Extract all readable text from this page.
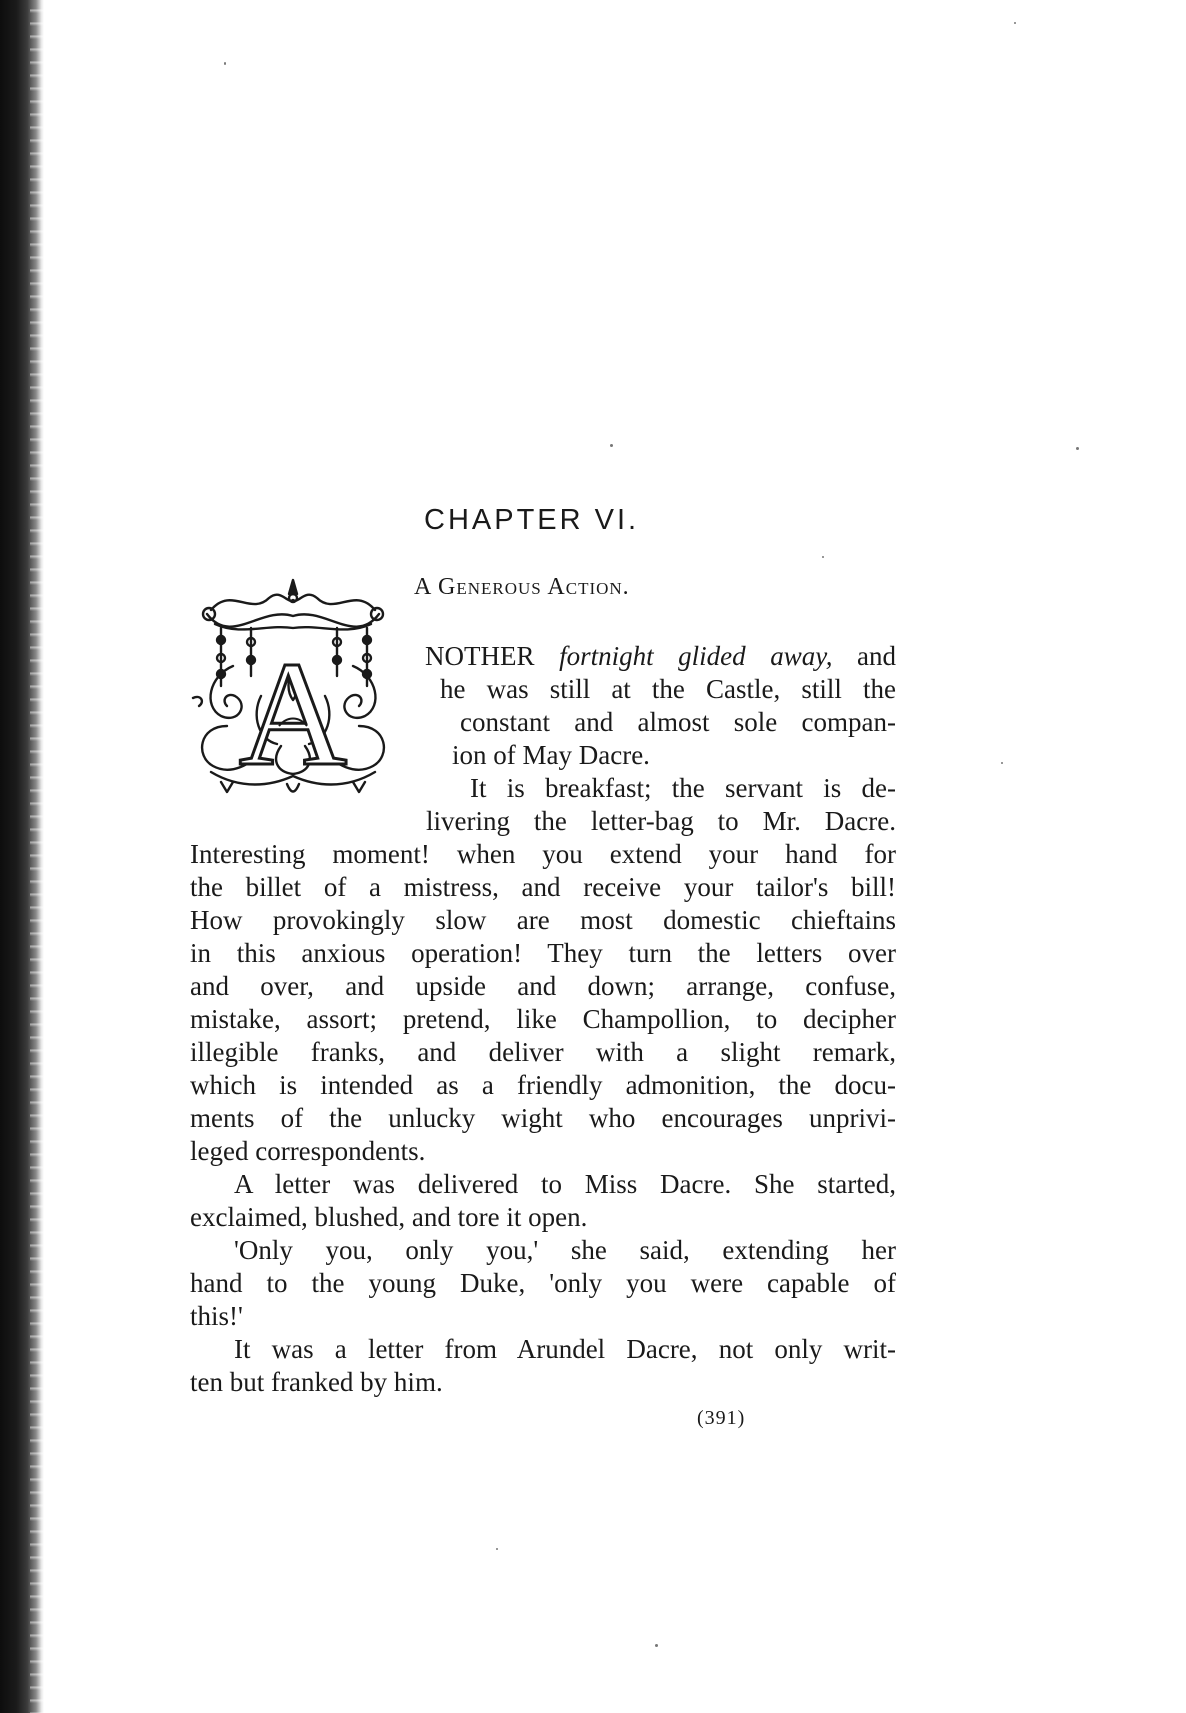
CHAPTER VI.
A Generous Action.
A	NOTHER fortnight glided away, and
he was still at the Castle, still the
constant and almost sole compan-
ion of May Dacre.
It is breakfast; the servant is de-
livering the letter-bag to Mr. Dacre.
Interesting moment! when you extend your hand for
the billet of a mistress, and receive your tailor's bill!
How provokingly slow are most domestic chieftains
in this anxious operation! They turn the letters over
and over, and upside and down; arrange, confuse,
mistake, assort; pretend, like Champollion, to decipher
illegible franks, and deliver with a slight remark,
which is intended as a friendly admonition, the docu-
ments of the unlucky wight who encourages unprivi-
leged correspondents.
A letter was delivered to Miss Dacre. She started,
exclaimed, blushed, and tore it open.
'Only you, only you,' she said, extending her
hand to the young Duke, 'only you were capable of
this!'
It was a letter from Arundel Dacre, not only writ-
ten but franked by him.
(391)
